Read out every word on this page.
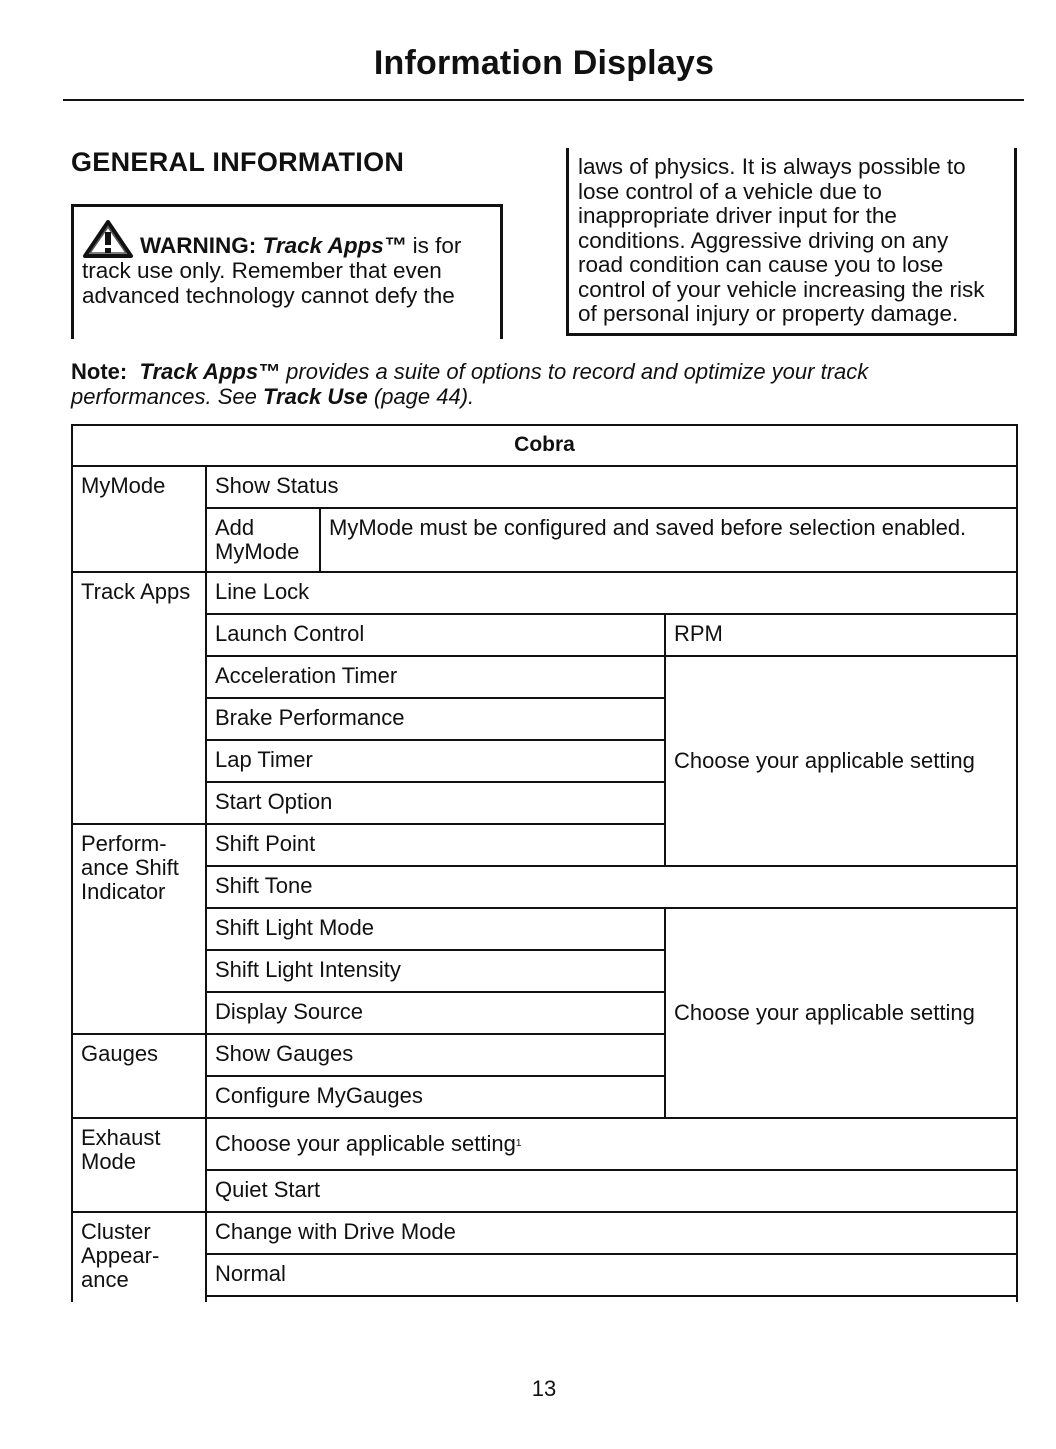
Information Displays
GENERAL INFORMATION
WARNING: Track Apps™ is for
track use only. Remember that even
advanced technology cannot defy the
laws of physics. It is always possible to
lose control of a vehicle due to
inappropriate driver input for the
conditions. Aggressive driving on any
road condition can cause you to lose
control of your vehicle increasing the risk
of personal injury or property damage.
Note: Track Apps™ provides a suite of options to record and optimize your track performances. See Track Use (page 44).
Cobra			
MyMode	Show Status		
	Add MyMode	MyMode must be configured and saved before selection enabled.	
Track Apps	Line Lock		
	Launch Control		RPM
	Acceleration Timer		Choose your applicable setting
	Brake Performance		
	Lap Timer		
	Start Option		
Perform-ance Shift Indicator	Shift Point		
	Shift Tone		
	Shift Light Mode		Choose your applicable setting
	Shift Light Intensity		
	Display Source		
Gauges	Show Gauges		
	Configure MyGauges		
Exhaust Mode	Choose your applicable setting$^1$
	Quiet Start		
Cluster Appear-ance	Change with Drive Mode		
	Normal		

13
